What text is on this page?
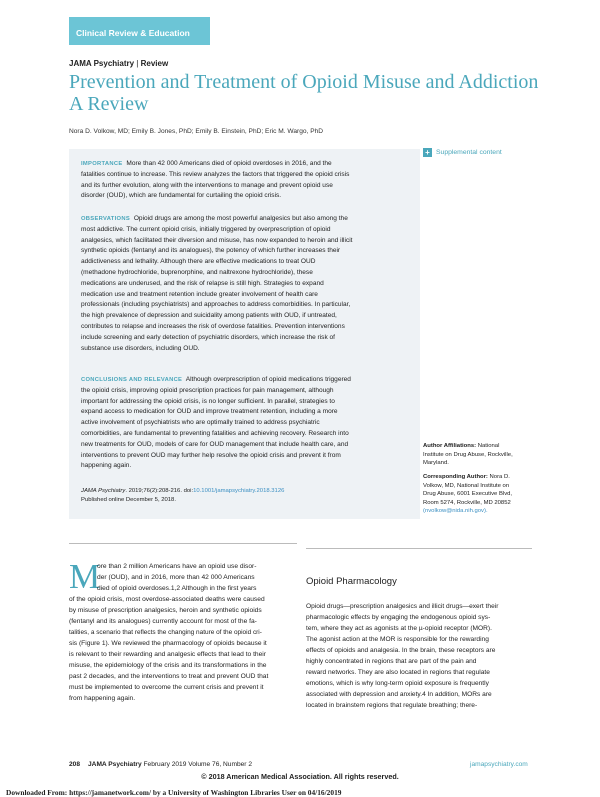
Clinical Review & Education
JAMA Psychiatry | Review
Prevention and Treatment of Opioid Misuse and Addiction
A Review
Nora D. Volkow, MD; Emily B. Jones, PhD; Emily B. Einstein, PhD; Eric M. Wargo, PhD
IMPORTANCE More than 42 000 Americans died of opioid overdoses in 2016, and the
fatalities continue to increase. This review analyzes the factors that triggered the opioid crisis
and its further evolution, along with the interventions to manage and prevent opioid use
disorder (OUD), which are fundamental for curtailing the opioid crisis.
OBSERVATIONS Opioid drugs are among the most powerful analgesics but also among the
most addictive. The current opioid crisis, initially triggered by overprescription of opioid
analgesics, which facilitated their diversion and misuse, has now expanded to heroin and illicit
synthetic opioids (fentanyl and its analogues), the potency of which further increases their
addictiveness and lethality. Although there are effective medications to treat OUD
(methadone hydrochloride, buprenorphine, and naltrexone hydrochloride), these
medications are underused, and the risk of relapse is still high. Strategies to expand
medication use and treatment retention include greater involvement of health care
professionals (including psychiatrists) and approaches to address comorbidities. In particular,
the high prevalence of depression and suicidality among patients with OUD, if untreated,
contributes to relapse and increases the risk of overdose fatalities. Prevention interventions
include screening and early detection of psychiatric disorders, which increase the risk of
substance use disorders, including OUD.
CONCLUSIONS AND RELEVANCE Although overprescription of opioid medications triggered
the opioid crisis, improving opioid prescription practices for pain management, although
important for addressing the opioid crisis, is no longer sufficient. In parallel, strategies to
expand access to medication for OUD and improve treatment retention, including a more
active involvement of psychiatrists who are optimally trained to address psychiatric
comorbidities, are fundamental to preventing fatalities and achieving recovery. Research into
new treatments for OUD, models of care for OUD management that include health care, and
interventions to prevent OUD may further help resolve the opioid crisis and prevent it from
happening again.
JAMA Psychiatry. 2019;76(2):208-216. doi:10.1001/jamapsychiatry.2018.3126
Published online December 5, 2018.
+ Supplemental content
Author Affiliations: National
Institute on Drug Abuse, Rockville,
Maryland.
Corresponding Author: Nora D.
Volkow, MD, National Institute on
Drug Abuse, 6001 Executive Blvd,
Room 5274, Rockville, MD 20852
(nvolkow@nida.nih.gov).
M
ore than 2 million Americans have an opioid use disor-
der (OUD), and in 2016, more than 42 000 Americans
died of opioid overdoses.1,2 Although in the first years
of the opioid crisis, most overdose-associated deaths were caused
by misuse of prescription analgesics, heroin and synthetic opioids
(fentanyl and its analogues) currently account for most of the fa-
talities, a scenario that reflects the changing nature of the opioid cri-
sis (Figure 1). We reviewed the pharmacology of opioids because it
is relevant to their rewarding and analgesic effects that lead to their
misuse, the epidemiology of the crisis and its transformations in the
past 2 decades, and the interventions to treat and prevent OUD that
must be implemented to overcome the current crisis and prevent it
from happening again.
Opioid Pharmacology
Opioid drugs—prescription analgesics and illicit drugs—exert their
pharmacologic effects by engaging the endogenous opioid sys-
tem, where they act as agonists at the µ-opioid receptor (MOR).
The agonist action at the MOR is responsible for the rewarding
effects of opioids and analgesia. In the brain, these receptors are
highly concentrated in regions that are part of the pain and
reward networks. They are also located in regions that regulate
emotions, which is why long-term opioid exposure is frequently
associated with depression and anxiety.4 In addition, MORs are
located in brainstem regions that regulate breathing; there-
208 JAMA Psychiatry February 2019 Volume 76, Number 2	jamapsychiatry.com
© 2018 American Medical Association. All rights reserved.
Downloaded From: https://jamanetwork.com/ by a University of Washington Libraries User on 04/16/2019
